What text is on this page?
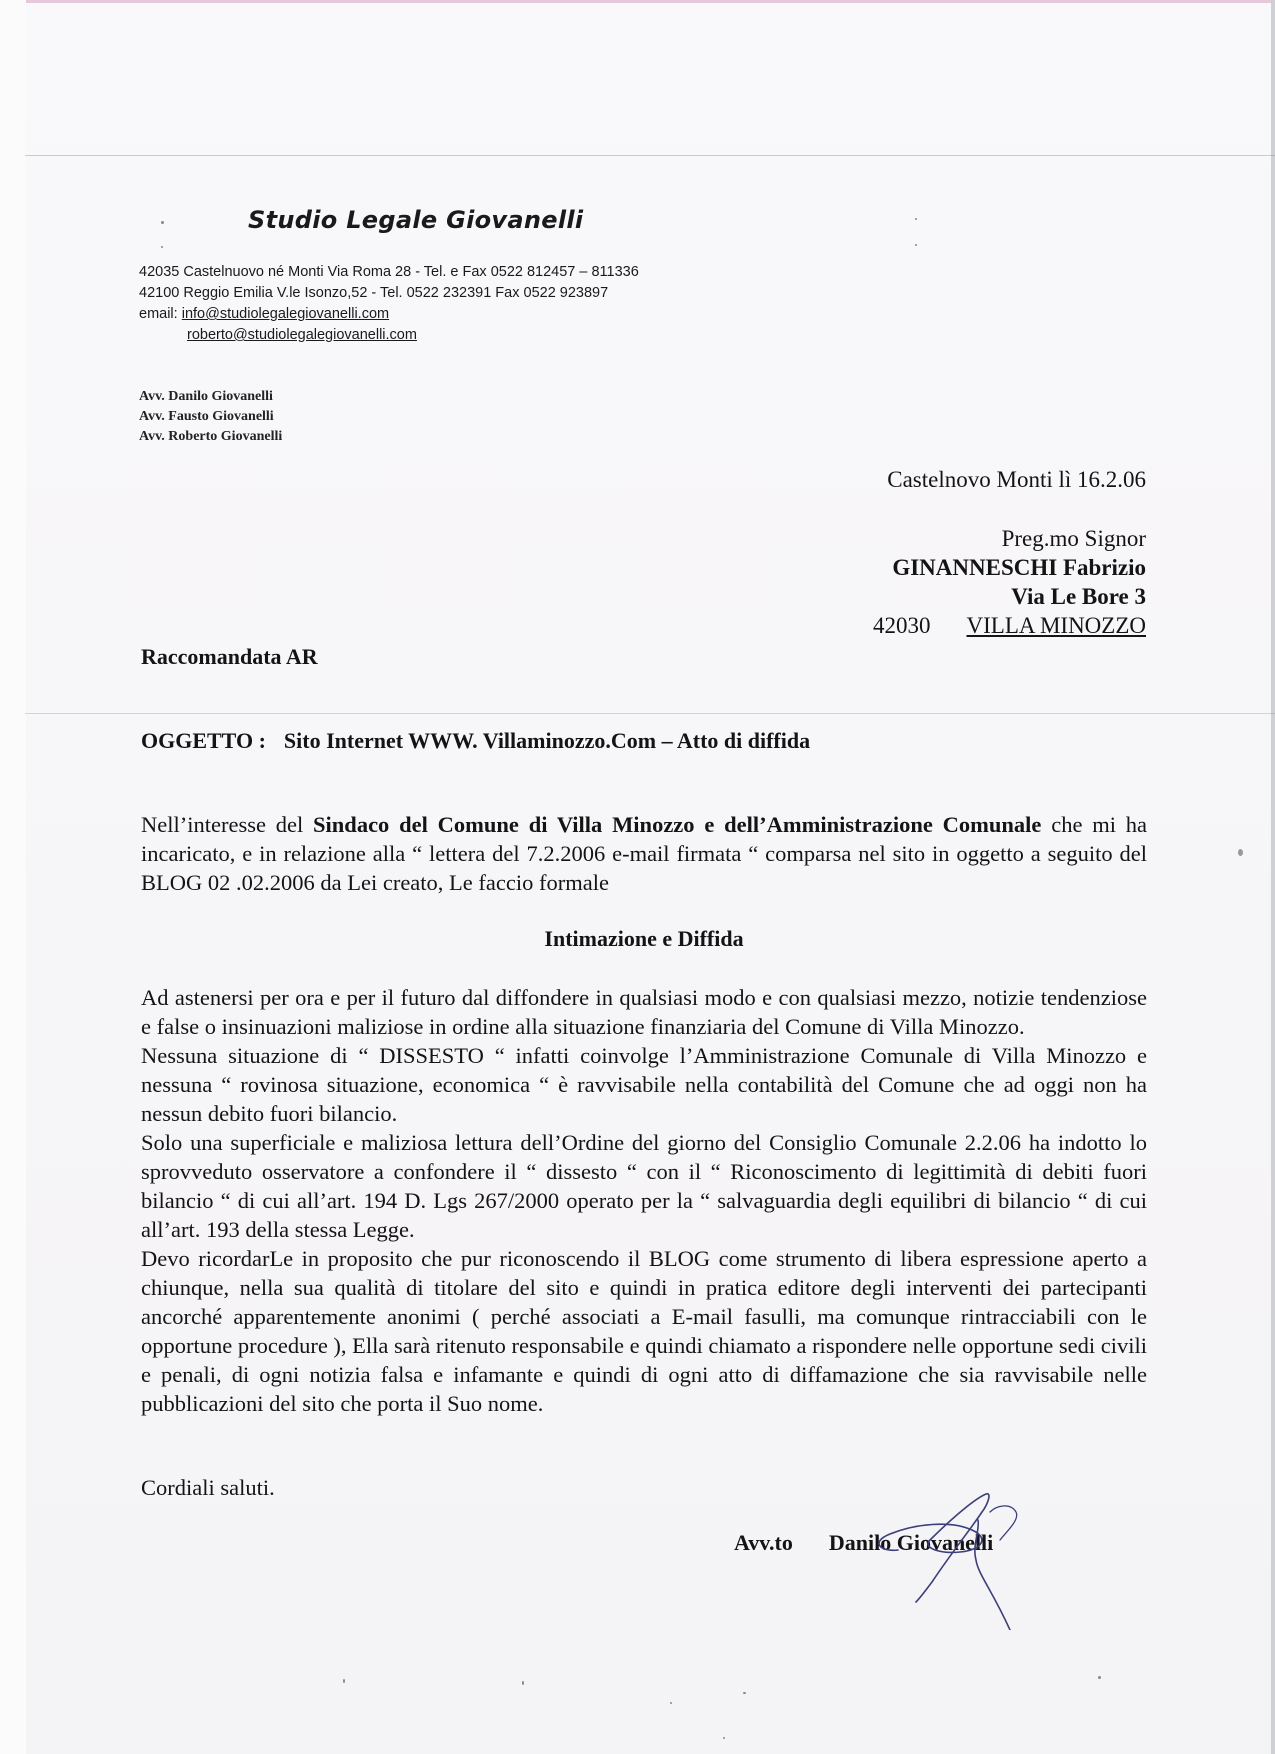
Studio Legale Giovanelli
42035 Castelnuovo né Monti Via Roma 28 - Tel. e Fax 0522 812457 – 811336
42100 Reggio Emilia V.le Isonzo,52 - Tel. 0522 232391 Fax 0522 923897
email: info@studiolegalegiovanelli.com
roberto@studiolegalegiovanelli.com
Avv. Danilo Giovanelli
Avv. Fausto Giovanelli
Avv. Roberto Giovanelli
Castelnovo Monti lì 16.2.06
Preg.mo Signor
GINANNESCHI Fabrizio
Via Le Bore 3
42030 VILLA MINOZZO
Raccomandata AR
OGGETTO : Sito Internet WWW. Villaminozzo.Com – Atto di diffida
Nell’interesse del Sindaco del Comune di Villa Minozzo e dell’Amministrazione Comunale che mi ha incaricato, e in relazione alla “ lettera del 7.2.2006 e-mail firmata “ comparsa nel sito in oggetto a seguito del BLOG 02 .02.2006 da Lei creato, Le faccio formale
Intimazione e Diffida

Ad astenersi per ora e per il futuro dal diffondere in qualsiasi modo e con qualsiasi mezzo, notizie tendenziose e false o insinuazioni maliziose in ordine alla situazione finanziaria del Comune di Villa Minozzo.

Nessuna situazione di “ DISSESTO “ infatti coinvolge l’Amministrazione Comunale di Villa Minozzo e nessuna “ rovinosa situazione, economica “ è ravvisabile nella contabilità del Comune che ad oggi non ha nessun debito fuori bilancio.

Solo una superficiale e maliziosa lettura dell’Ordine del giorno del Consiglio Comunale 2.2.06 ha indotto lo sprovveduto osservatore a confondere il “ dissesto “ con il “ Riconoscimento di legittimità di debiti fuori bilancio “ di cui all’art. 194 D. Lgs 267/2000 operato per la “ salvaguardia degli equilibri di bilancio “ di cui all’art. 193 della stessa Legge.

Devo ricordarLe in proposito che pur riconoscendo il BLOG come strumento di libera espressione aperto a chiunque, nella sua qualità di titolare del sito e quindi in pratica editore degli interventi dei partecipanti ancorché apparentemente anonimi ( perché associati a E-mail fasulli, ma comunque rintracciabili con le opportune procedure ), Ella sarà ritenuto responsabile e quindi chiamato a rispondere nelle opportune sedi civili e penali, di ogni notizia falsa e infamante e quindi di ogni atto di diffamazione che sia ravvisabile nelle pubblicazioni del sito che porta il Suo nome.

Cordiali saluti.
Avv.to Danilo Giovanelli
